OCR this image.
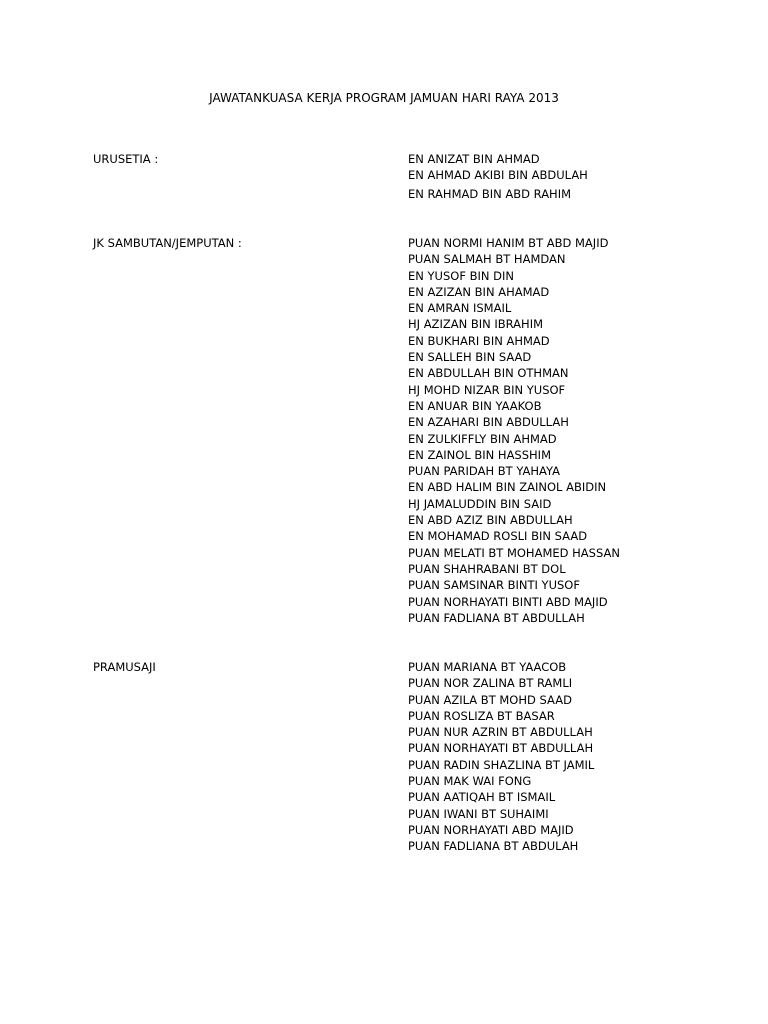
JAWATANKUASA KERJA PROGRAM JAMUAN HARI RAYA 2013
URUSETIA :	EN ANIZAT BIN AHMAD
EN AHMAD AKIBI BIN ABDULAH
EN RAHMAD BIN ABD RAHIM
JK SAMBUTAN/JEMPUTAN :	PUAN NORMI HANIM BT ABD MAJID
PUAN SALMAH BT HAMDAN
EN YUSOF BIN DIN
EN AZIZAN BIN AHAMAD
EN AMRAN ISMAIL
HJ AZIZAN BIN IBRAHIM
EN BUKHARI BIN AHMAD
EN SALLEH BIN SAAD
EN ABDULLAH BIN OTHMAN
HJ MOHD NIZAR BIN YUSOF
EN ANUAR BIN YAAKOB
EN AZAHARI BIN ABDULLAH
EN ZULKIFFLY BIN AHMAD
EN ZAINOL BIN HASSHIM
PUAN PARIDAH BT YAHAYA
EN ABD HALIM BIN ZAINOL ABIDIN
HJ JAMALUDDIN BIN SAID
EN ABD AZIZ BIN ABDULLAH
EN MOHAMAD ROSLI BIN SAAD
PUAN MELATI BT MOHAMED HASSAN
PUAN SHAHRABANI BT DOL
PUAN SAMSINAR BINTI YUSOF
PUAN NORHAYATI BINTI ABD MAJID
PUAN FADLIANA BT ABDULLAH
PRAMUSAJI	PUAN MARIANA BT YAACOB
PUAN NOR ZALINA BT RAMLI
PUAN AZILA BT MOHD SAAD
PUAN ROSLIZA BT BASAR
PUAN NUR AZRIN BT ABDULLAH
PUAN NORHAYATI BT ABDULLAH
PUAN RADIN SHAZLINA BT JAMIL
PUAN MAK WAI FONG
PUAN AATIQAH BT ISMAIL
PUAN IWANI BT SUHAIMI
PUAN NORHAYATI ABD MAJID
PUAN FADLIANA BT ABDULAH
